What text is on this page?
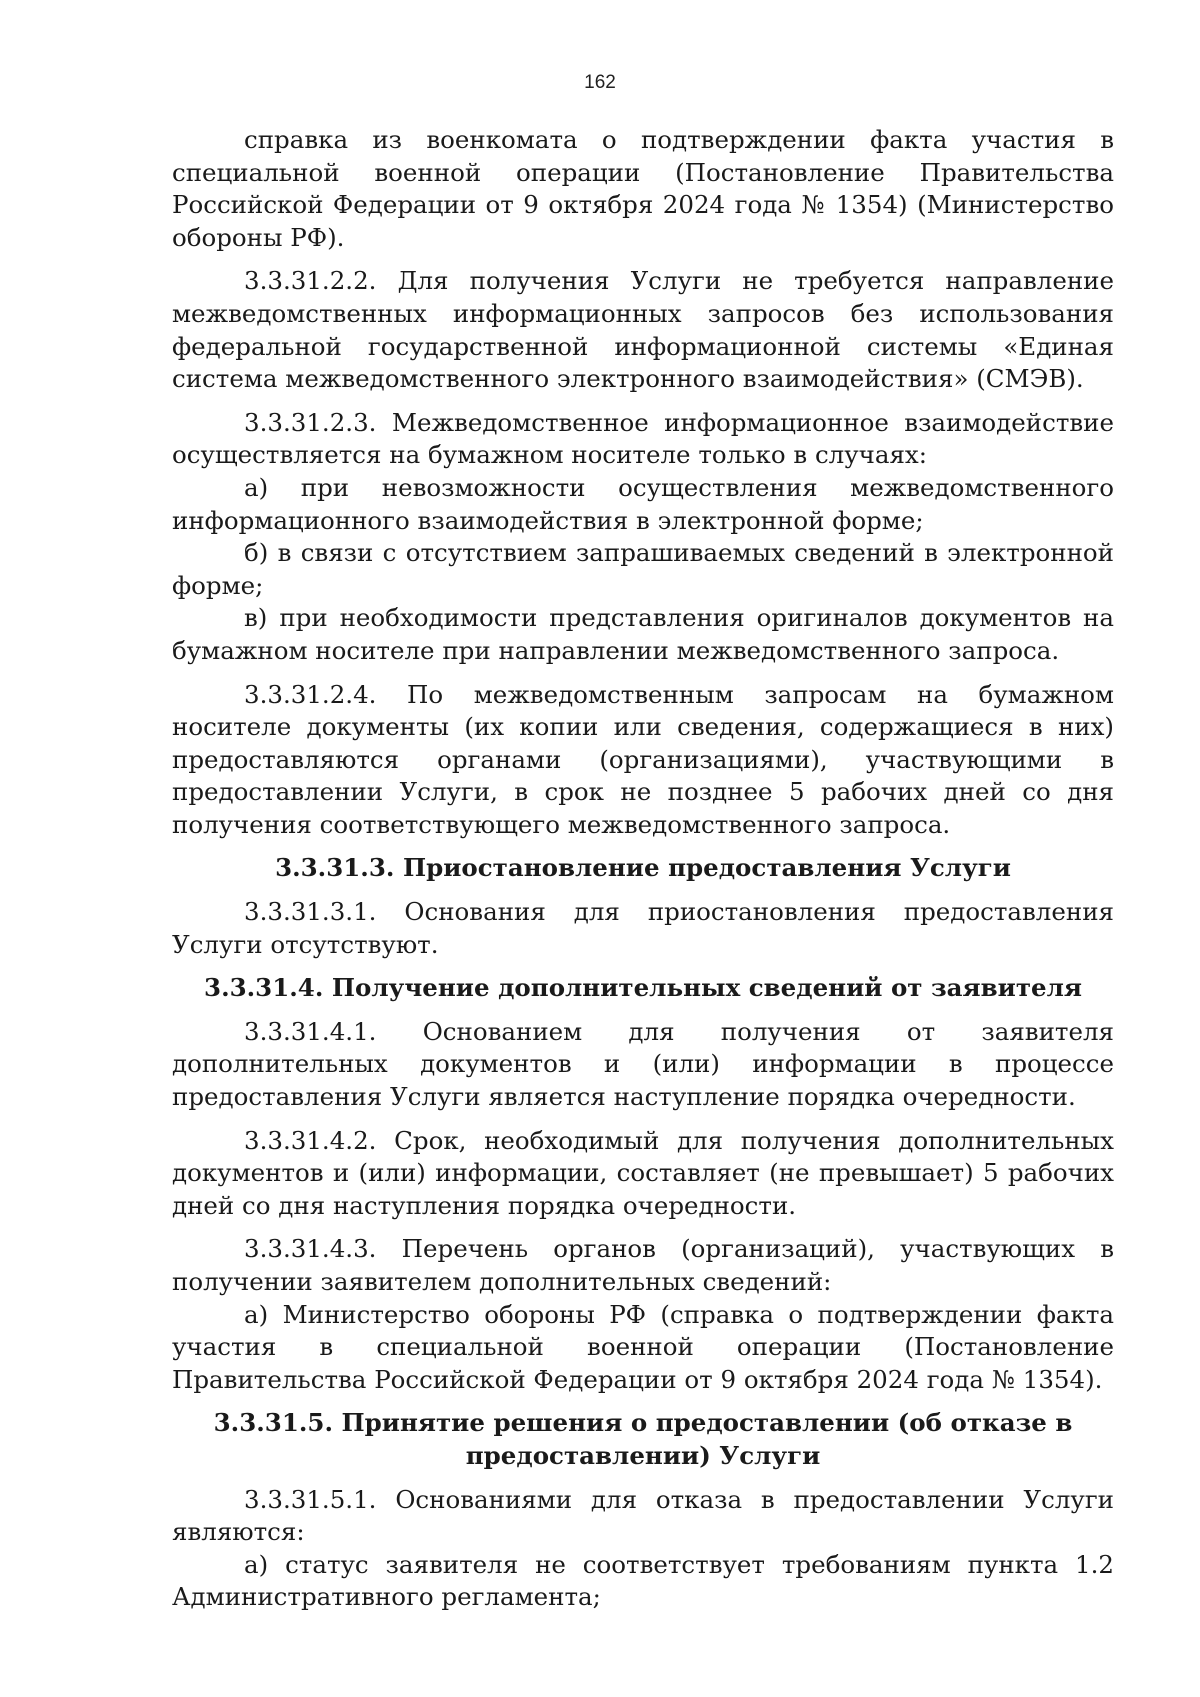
162

справка из военкомата о подтверждении факта участия в специальной военной операции (Постановление Правительства Российской Федерации от 9 октября 2024 года № 1354) (Министерство обороны РФ).

3.3.31.2.2. Для получения Услуги не требуется направление межведомственных информационных запросов без использования федеральной государственной информационной системы «Единая система межведомственного электронного взаимодействия» (СМЭВ).

3.3.31.2.3. Межведомственное информационное взаимодействие осуществляется на бумажном носителе только в случаях:

а) при невозможности осуществления межведомственного информационного взаимодействия в электронной форме;

б) в связи с отсутствием запрашиваемых сведений в электронной форме;

в) при необходимости представления оригиналов документов на бумажном носителе при направлении межведомственного запроса.

3.3.31.2.4. По межведомственным запросам на бумажном носителе документы (их копии или сведения, содержащиеся в них) предоставляются органами (организациями), участвующими в предоставлении Услуги, в срок не позднее 5 рабочих дней со дня получения соответствующего межведомственного запроса.

3.3.31.3. Приостановление предоставления Услуги

3.3.31.3.1. Основания для приостановления предоставления Услуги отсутствуют.

3.3.31.4. Получение дополнительных сведений от заявителя

3.3.31.4.1. Основанием для получения от заявителя дополнительных документов и (или) информации в процессе предоставления Услуги является наступление порядка очередности.

3.3.31.4.2. Срок, необходимый для получения дополнительных документов и (или) информации, составляет (не превышает) 5 рабочих дней со дня наступления порядка очередности.

3.3.31.4.3. Перечень органов (организаций), участвующих в получении заявителем дополнительных сведений:

а) Министерство обороны РФ (справка о подтверждении факта участия в специальной военной операции (Постановление Правительства Российской Федерации от 9 октября 2024 года № 1354).

3.3.31.5. Принятие решения о предоставлении (об отказе в предоставлении) Услуги

3.3.31.5.1. Основаниями для отказа в предоставлении Услуги являются:

а) статус заявителя не соответствует требованиям пункта 1.2 Административного регламента;
